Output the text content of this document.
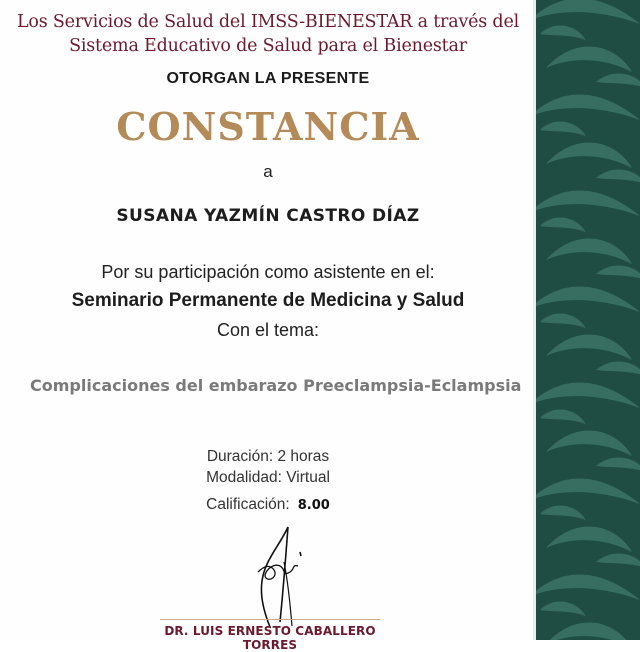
Los Servicios de Salud del IMSS-BIENESTAR a través del
Sistema Educativo de Salud para el Bienestar
OTORGAN LA PRESENTE
CONSTANCIA
a
SUSANA YAZMÍN CASTRO DÍAZ
Por su participación como asistente en el:
Seminario Permanente de Medicina y Salud
Con el tema:
Complicaciones del embarazo Preeclampsia-Eclampsia
Duración: 2 horas
Modalidad: Virtual
Calificación: 8.00
DR. LUIS ERNESTO CABALLERO TORRES
